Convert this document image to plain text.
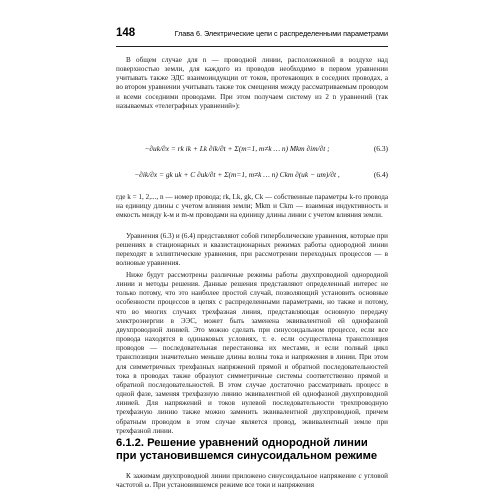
148	Глава 6. Электрические цепи с распределенными параметрами

В общем случае для n — проводной линии, расположенной в воздухе над поверхностью земли, для каждого из проводов необходимо в первом уравнении учитывать также ЭДС взаимоиндукции от токов, протекающих в соседних проводах, а во втором уравнении учитывать также ток смещения между рассматриваемым проводом и всеми соседними проводами. При этом получаем систему из 2 n уравнений (так называемых «телеграфных уравнений»):

−∂uk/∂x = rk ik + Lk ∂ik/∂t + Σ(m=1, m≠k … n) Mkm ∂im/∂t ;	(6.3)
−∂ik/∂x = gk uk + C ∂uk/∂t + Σ(m=1, m≠k … n) Ckm ∂(uk − um)/∂t ,	(6.4)

где k = 1, 2,..., n — номер провода; rk, Lk, gk, Ck — собственные параметры k-го провода на единицу длины с учетом влияния земли; Mkm и Ckm — взаимная индуктивность и емкость между k-м и m-м проводами на единицу длины линии с учетом влияния земли.

Уравнения (6.3) и (6.4) представляют собой гиперболические уравнения, которые при решениях в стационарных и квазистационарных режимах работы однородной линии переходят в эллиптические уравнения, при рассмотрении переходных процессов — в волновые уравнения.

Ниже будут рассмотрены различные режимы работы двухпроводной однородной линии и методы решения. Данные решения представляют определенный интерес не только потому, что это наиболее простой случай, позволяющий установить основные особенности процессов в цепях с распределенными параметрами, но также и потому, что во многих случаях трехфазная линия, представляющая основную передачу электроэнергии в ЭЭС, может быть заменена эквивалентной ей однофазной двухпроводной линией. Это можно сделать при синусоидальном процессе, если все провода находятся в одинаковых условиях, т. е. если осуществлена транспозиция проводов — последовательная перестановка их местами, и если полный цикл транспозиции значительно меньше длины волны тока и напряжения в линии. При этом для симметричных трехфазных напряжений прямой и обратной последовательностей тока в проводах также образуют симметричные системы соответственно прямой и обратной последовательностей. В этом случае достаточно рассматривать процесс в одной фазе, заменяя трехфазную линию эквивалентной ей однофазной двухпроводной линией. Для напряжений и токов нулевой последовательности трехпроводную трехфазную линию также можно заменить эквивалентной двухпроводной, причем обратным проводом в этом случае является провод, эквивалентный земле при трехфазной линии.

6.1.2. Решение уравнений однородной линии при установившемся синусоидальном режиме

К зажимам двухпроводной линии приложено синусоидальное напряжение с угловой частотой ω. При установившемся режиме все токи и напряжения
